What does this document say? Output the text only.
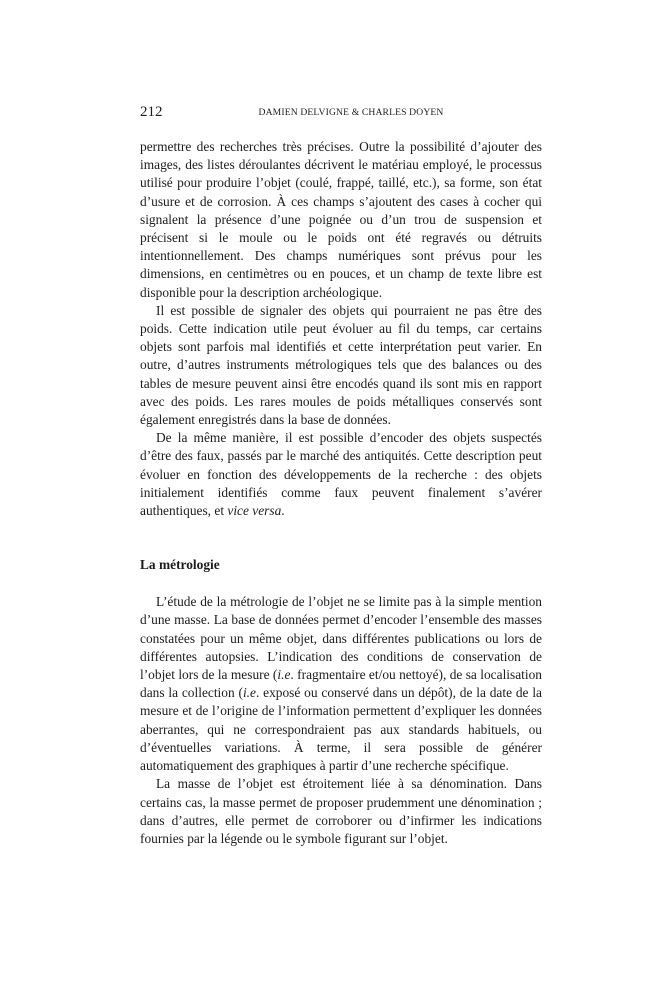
212	DAMIEN DELVIGNE & CHARLES DOYEN

permettre des recherches très précises. Outre la possibilité d’ajouter des images, des listes déroulantes décrivent le matériau employé, le processus utilisé pour produire l’objet (coulé, frappé, taillé, etc.), sa forme, son état d’usure et de corrosion. À ces champs s’ajoutent des cases à cocher qui signalent la présence d’une poignée ou d’un trou de suspension et précisent si le moule ou le poids ont été regravés ou détruits intentionnellement. Des champs numériques sont prévus pour les dimensions, en centimètres ou en pouces, et un champ de texte libre est disponible pour la description archéologique.

Il est possible de signaler des objets qui pourraient ne pas être des poids. Cette indication utile peut évoluer au fil du temps, car certains objets sont parfois mal identifiés et cette interprétation peut varier. En outre, d’autres instruments métrologiques tels que des balances ou des tables de mesure peuvent ainsi être encodés quand ils sont mis en rapport avec des poids. Les rares moules de poids métalliques conservés sont également enregistrés dans la base de données.

De la même manière, il est possible d’encoder des objets suspectés d’être des faux, passés par le marché des antiquités. Cette description peut évoluer en fonction des développements de la recherche : des objets initialement identifiés comme faux peuvent finalement s’avérer authentiques, et vice versa.

La métrologie

L’étude de la métrologie de l’objet ne se limite pas à la simple mention d’une masse. La base de données permet d’encoder l’ensemble des masses constatées pour un même objet, dans différentes publications ou lors de différentes autopsies. L’indication des conditions de conservation de l’objet lors de la mesure (i.e. fragmentaire et/ou nettoyé), de sa localisation dans la collection (i.e. exposé ou conservé dans un dépôt), de la date de la mesure et de l’origine de l’information permettent d’expliquer les données aberrantes, qui ne correspondraient pas aux standards habituels, ou d’éventuelles variations. À terme, il sera possible de générer automatiquement des graphiques à partir d’une recherche spécifique.

La masse de l’objet est étroitement liée à sa dénomination. Dans certains cas, la masse permet de proposer prudemment une dénomination ; dans d’autres, elle permet de corroborer ou d’infirmer les indications fournies par la légende ou le symbole figurant sur l’objet.
